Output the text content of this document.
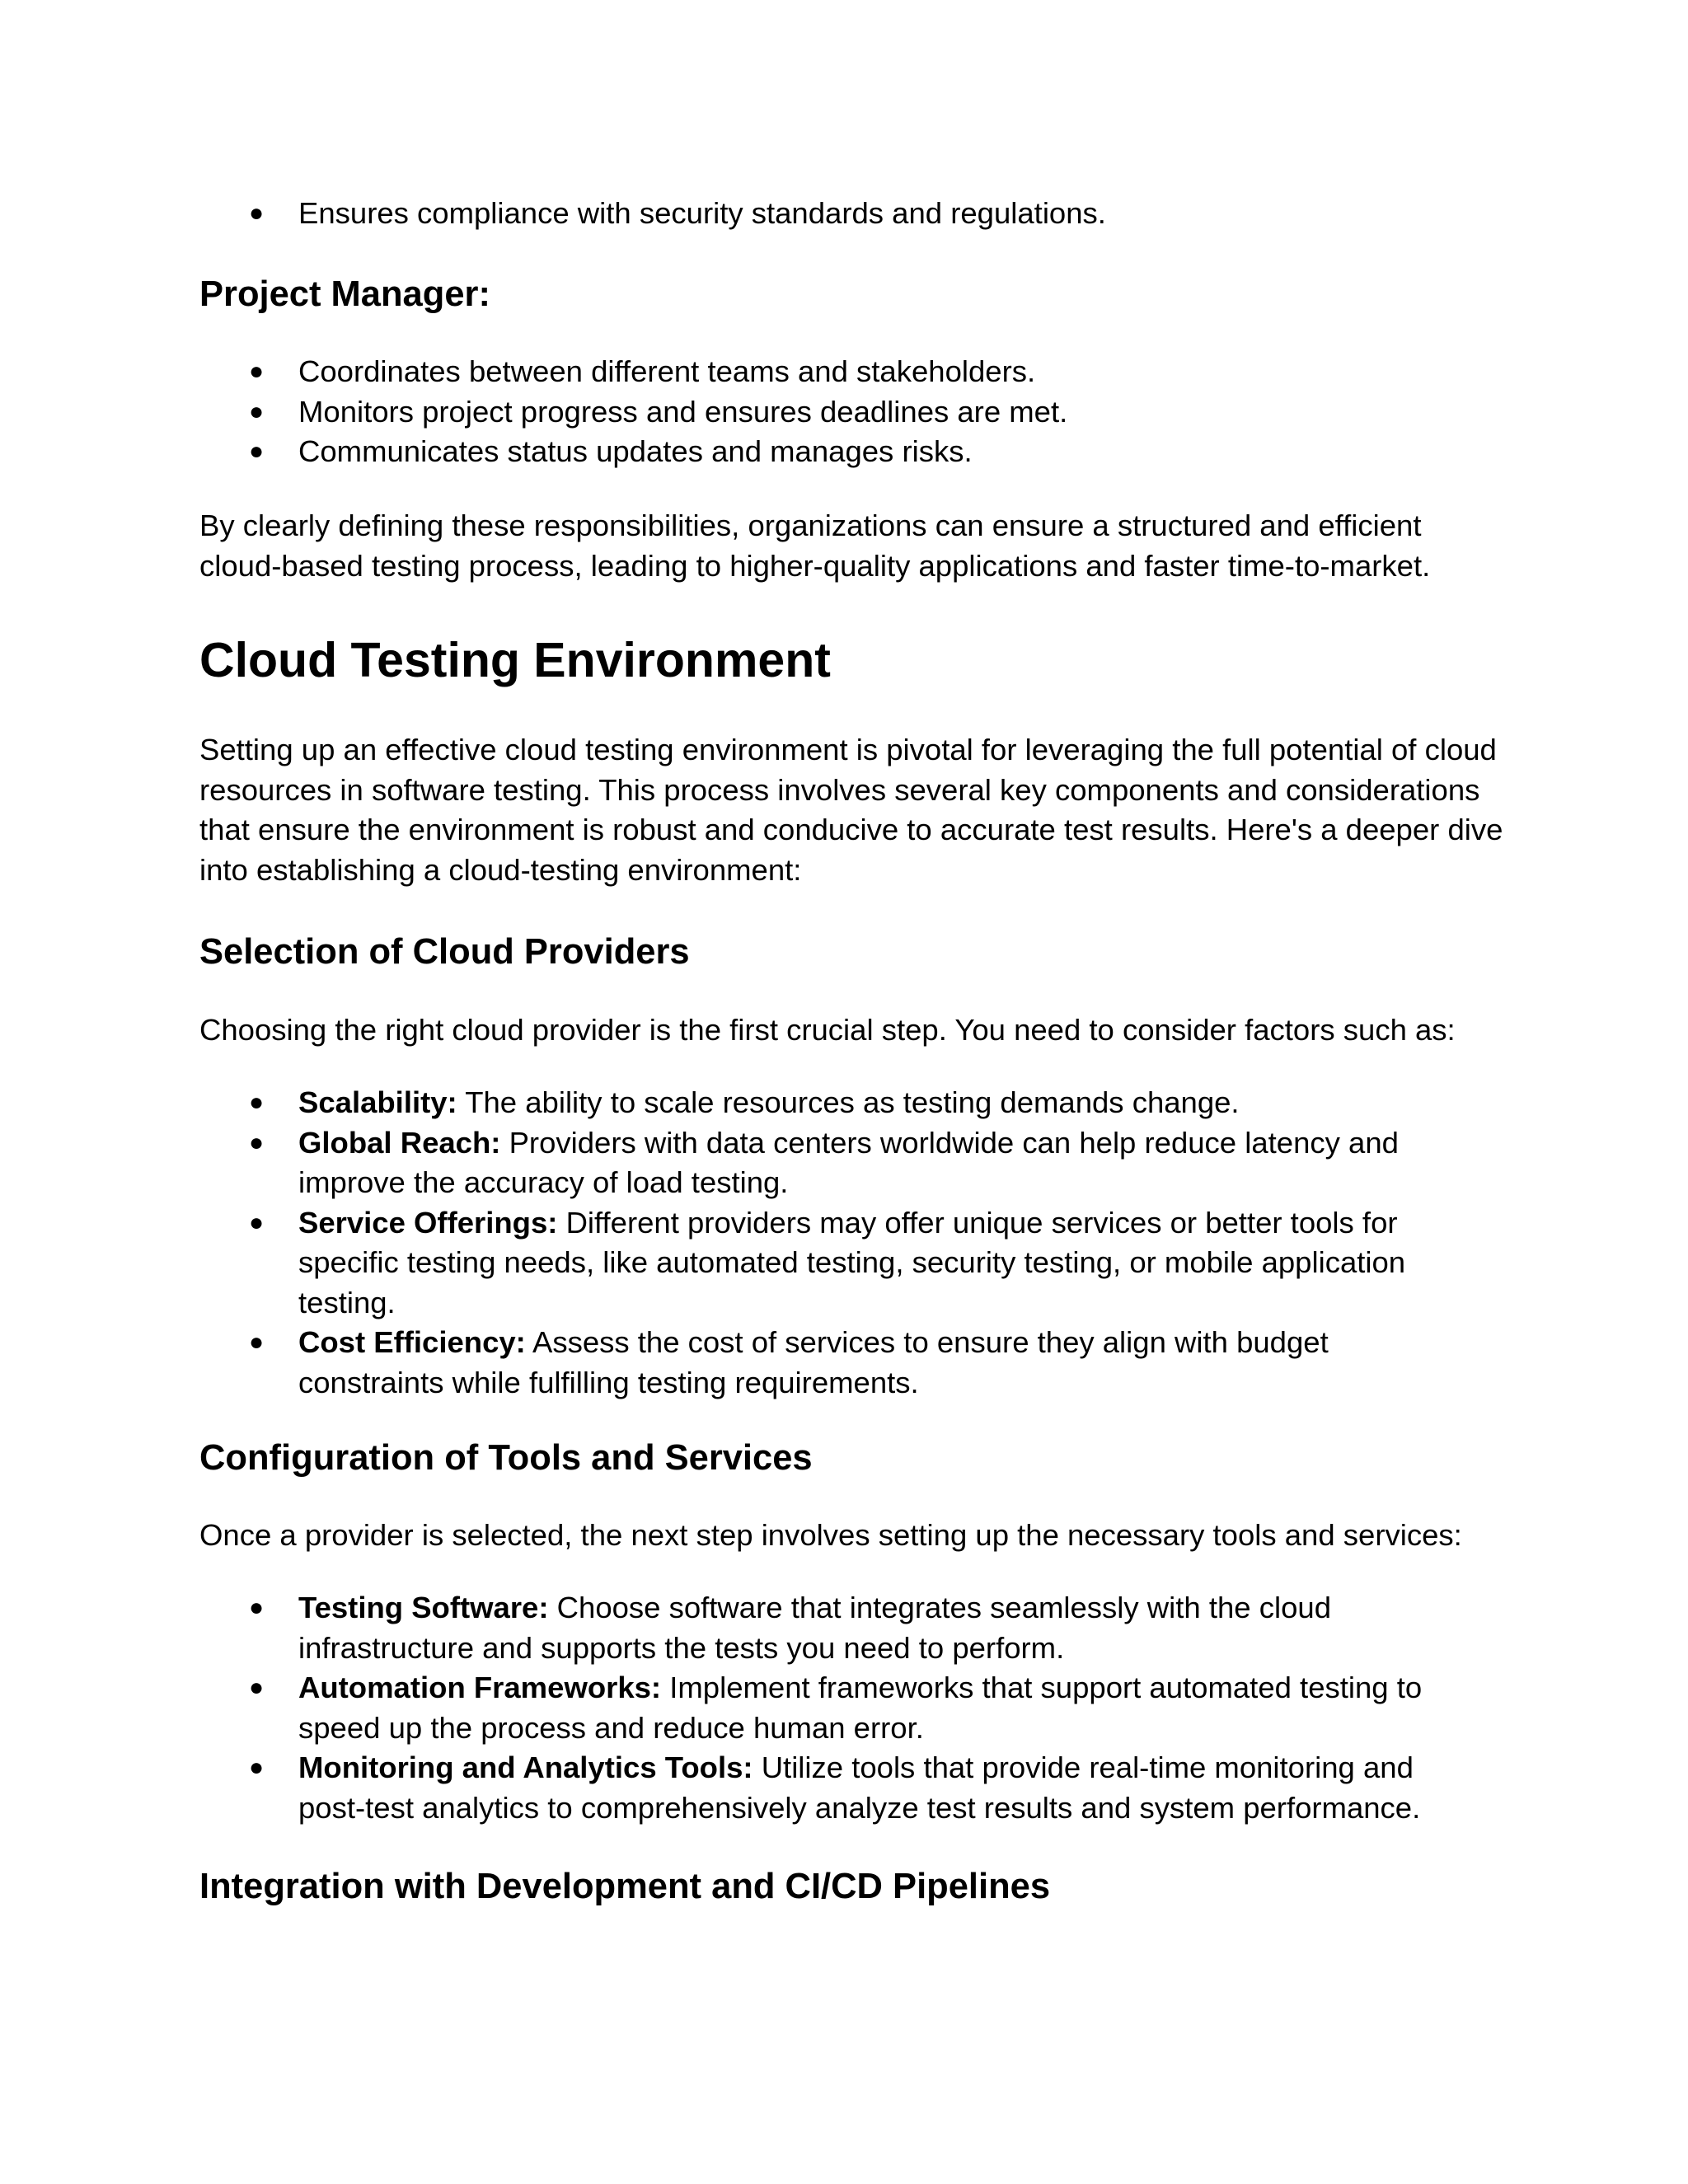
● Ensures compliance with security standards and regulations.
Project Manager:
● Coordinates between different teams and stakeholders.
● Monitors project progress and ensures deadlines are met.
● Communicates status updates and manages risks.

By clearly defining these responsibilities, organizations can ensure a structured and efficient cloud-based testing process, leading to higher-quality applications and faster time-to-market.

Cloud Testing Environment

Setting up an effective cloud testing environment is pivotal for leveraging the full potential of cloud resources in software testing. This process involves several key components and considerations that ensure the environment is robust and conducive to accurate test results. Here's a deeper dive into establishing a cloud-testing environment:

Selection of Cloud Providers

Choosing the right cloud provider is the first crucial step. You need to consider factors such as:

● Scalability: The ability to scale resources as testing demands change.
● Global Reach: Providers with data centers worldwide can help reduce latency and improve the accuracy of load testing.
● Service Offerings: Different providers may offer unique services or better tools for specific testing needs, like automated testing, security testing, or mobile application testing.
● Cost Efficiency: Assess the cost of services to ensure they align with budget constraints while fulfilling testing requirements.
Configuration of Tools and Services

Once a provider is selected, the next step involves setting up the necessary tools and services:

● Testing Software: Choose software that integrates seamlessly with the cloud infrastructure and supports the tests you need to perform.
● Automation Frameworks: Implement frameworks that support automated testing to speed up the process and reduce human error.
● Monitoring and Analytics Tools: Utilize tools that provide real-time monitoring and post-test analytics to comprehensively analyze test results and system performance.
Integration with Development and CI/CD Pipelines
